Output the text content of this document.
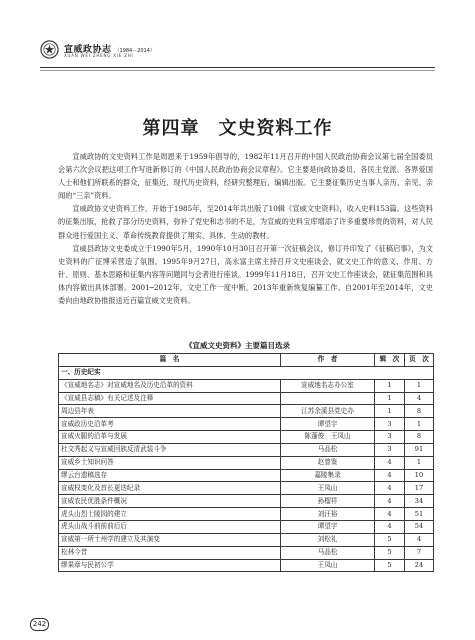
宣威政协志 （1984－2014）
XUAN WEI ZHENG XIE ZHI
第四章　文史资料工作

宣威政协的文史资料工作是周恩来于1959年倡导的，1982年11月召开的中国人民政治协商会议第七届全国委员会第六次会议把这项工作写进新修订的《中国人民政治协商会议章程》。它主要是向政协委员、各民主党派、各界爱国人士和他们所联系的群众，征集近、现代历史资料，经研究整理后，编辑出版。它主要征集历史当事人亲历、亲见、亲闻的“三亲”资料。

宣威政协文史资料工作，开始于1985年，至2014年共出版了10辑《宣威文史资料》，收入史料153篇。这些资料的征集出版，抢救了部分历史资料，弥补了党史和志书的不足，为宣威的史料宝库增添了许多重要珍贵的资料，对人民群众进行爱国主义、革命传统教育提供了翔实、具体、生动的教材。

宣威县政协文史委成立于1990年5月，1990年10月30日召开第一次征稿会议，修订并印发了《征稿启事》，为文史资料的广征博采营造了氛围。1995年9月27日，高永富主席主持召开文史座谈会，就文史工作的意义、作用、方针、原则、基本思路和征集内容等问题同与会者进行座谈。1999年11月18日，召开文史工作座谈会，就征集范围和具体内容做出具体部署。2001─2012年，文史工作一度中断，2013年重新恢复编纂工作。自2001年至2014年，文史委向由地政协推报送近百篇宣威文史资料。

《宣威文史资料》主要篇目选录
篇　名	作　者	辑　次	页　次
一、历史纪实			
《宣威地名志》对宣威地名及历史沿革的资料	宣威地名志办公室	1	1
《宣威县志稿》有关记述及注释		1	4
周边县年表	江苏余溪县党史办	1	8
宣威政历史沿革考	谭望宇	3	1
宣威火腿的沿革与发展	陈蓬俊　王凤山	3	8
杜文秀起义与宣威回族反清武装斗争	马品松	3	91
宣威乡土知识问答	赵曾鉴	4	1
缪云台遗稿选存	嘉陵集录	4	10
宣威权变化及首长更迭纪录	王凤山	4	17
宣威农民优胜条件概况	孙榴祥	4	34
虎头山烈士陵园的建立	刘汪裕	4	51
虎头山战斗前前前后后	谭望宇	4	54
宣威第一所土州学的建立及其演变	刘松礼	5	4
松林今昔	马品松	5	7
缪果章与民初公学	王凤山	5	24
242
